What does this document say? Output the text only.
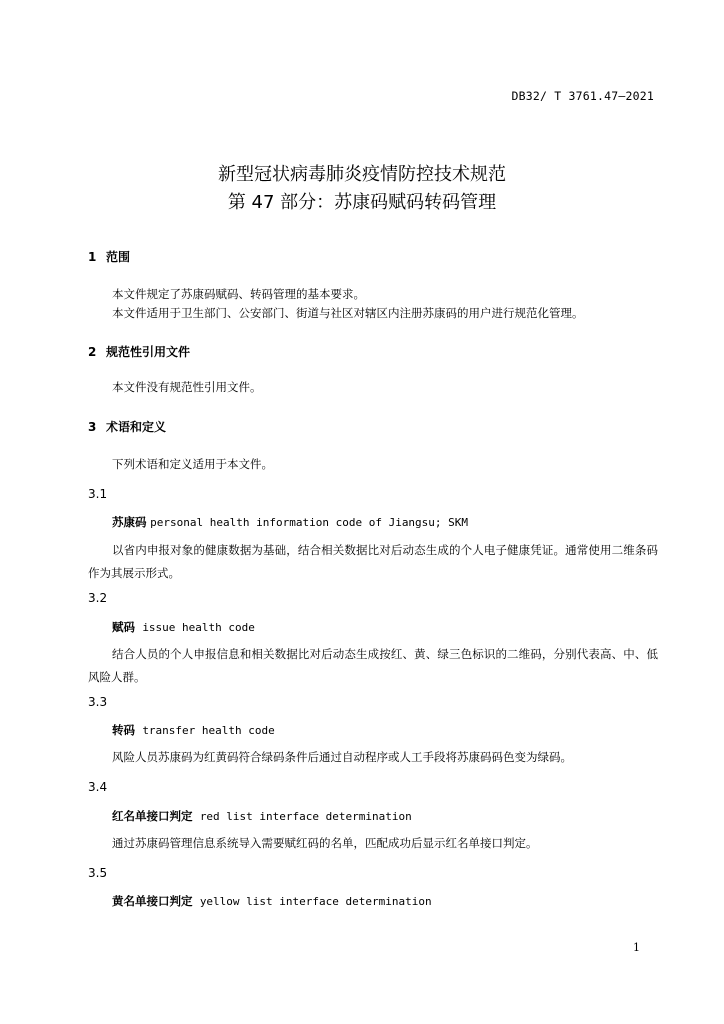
DB32/ T 3761.47—2021
新型冠状病毒肺炎疫情防控技术规范
第 47 部分：苏康码赋码转码管理
1 范围
本文件规定了苏康码赋码、转码管理的基本要求。
本文件适用于卫生部门、公安部门、街道与社区对辖区内注册苏康码的用户进行规范化管理。
2 规范性引用文件
本文件没有规范性引用文件。
3 术语和定义
下列术语和定义适用于本文件。
3.1
苏康码 personal health information code of Jiangsu; SKM
以省内申报对象的健康数据为基础，结合相关数据比对后动态生成的个人电子健康凭证。通常使用二维条码作为其展示形式。
3.2
赋码 issue health code
结合人员的个人申报信息和相关数据比对后动态生成按红、黄、绿三色标识的二维码，分别代表高、中、低风险人群。
3.3
转码 transfer health code
风险人员苏康码为红黄码符合绿码条件后通过自动程序或人工手段将苏康码码色变为绿码。
3.4
红名单接口判定 red list interface determination
通过苏康码管理信息系统导入需要赋红码的名单，匹配成功后显示红名单接口判定。
3.5
黄名单接口判定 yellow list interface determination
1
